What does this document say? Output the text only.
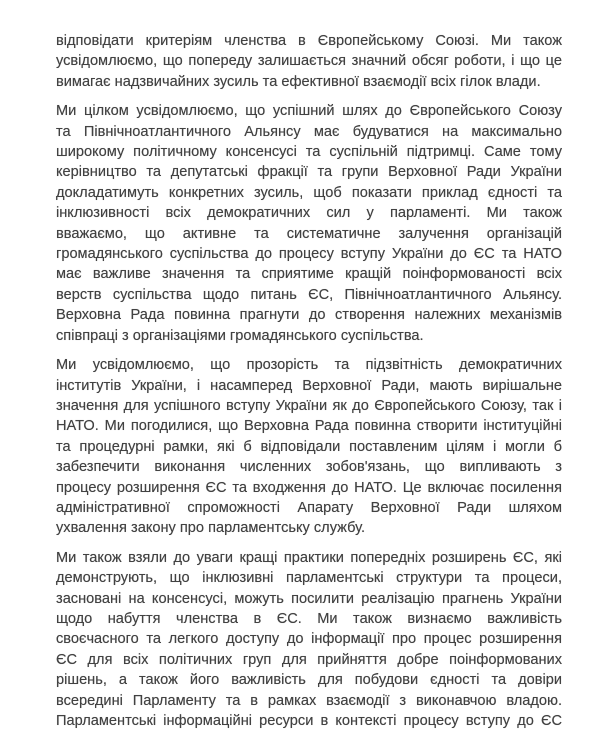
відповідати критеріям членства в Європейському Союзі. Ми також
усвідомлюємо, що попереду залишається значний обсяг роботи, і що це
вимагає надзвичайних зусиль та ефективної взаємодії всіх гілок влади.
Ми цілком усвідомлюємо, що успішний шлях до Європейського Союзу
та Північноатлантичного Альянсу має будуватися на максимально
широкому політичному консенсусі та суспільній підтримці. Саме тому
керівництво та депутатські фракції та групи Верховної Ради України
докладатимуть конкретних зусиль, щоб показати приклад єдності та
інклюзивності всіх демократичних сил у парламенті. Ми також
вважаємо, що активне та систематичне залучення організацій
громадянського суспільства до процесу вступу України до ЄС та НАТО
має важливе значення та сприятиме кращій поінформованості всіх
верств суспільства щодо питань ЄС, Північноатлантичного Альянсу.
Верховна Рада повинна прагнути до створення належних механізмів
співпраці з організаціями громадянського суспільства.
Ми усвідомлюємо, що прозорість та підзвітність демократичних
інститутів України, і насамперед Верховної Ради, мають вирішальне
значення для успішного вступу України як до Європейського Союзу, так і
НАТО. Ми погодилися, що Верховна Рада повинна створити інституційні
та процедурні рамки, які б відповідали поставленим цілям і могли б
забезпечити виконання численних зобов'язань, що випливають з
процесу розширення ЄС та входження до НАТО. Це включає посилення
адміністративної спроможності Апарату Верховної Ради шляхом
ухвалення закону про парламентську службу.
Ми також взяли до уваги кращі практики попередніх розширень ЄС, які
демонструють, що інклюзивні парламентські структури та процеси,
засновані на консенсусі, можуть посилити реалізацію прагнень України
щодо набуття членства в ЄС. Ми також визнаємо важливість
своєчасного та легкого доступу до інформації про процес розширення
ЄС для всіх політичних груп для прийняття добре поінформованих
рішень, а також його важливість для побудови єдності та довіри
всередині Парламенту та в рамках взаємодії з виконавчою владою.
Парламентські інформаційні ресурси в контексті процесу вступу до ЄС
